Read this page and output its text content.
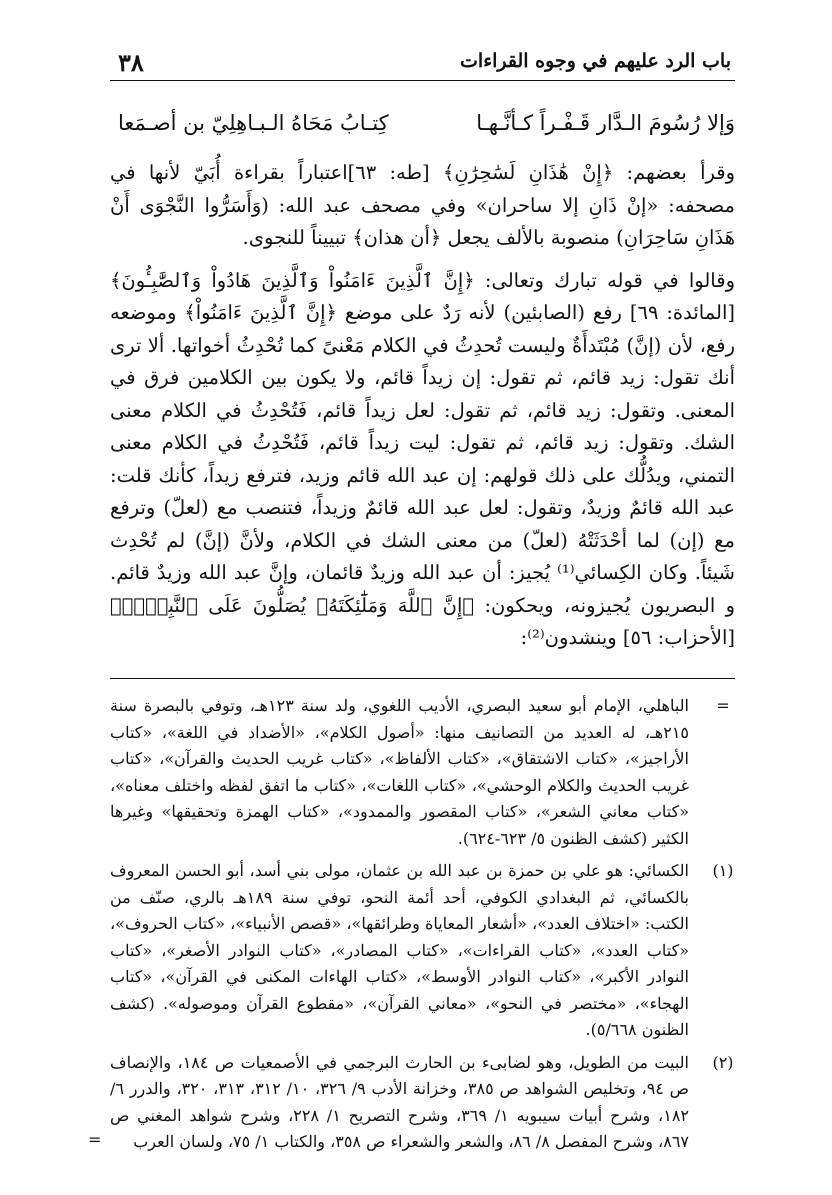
٣٨	باب الرد عليهم في وجوه القراءات
وَإلا رُسُومَ الـدَّار قَـفْـراً كـأنَّـهـا
كِتـابُ مَحَاهُ الـبـاهِلِيّ بن أصـمَعا

وقرأ بعضهم: ﴿إِنْ هَٰذَانِ لَسَٰحِرَٰنِ﴾ [طه: ٦٣]اعتباراً بقراءة أُبَيّ لأنها في مصحفه: «إنْ ذَانِ إلا ساحران» وفي مصحف عبد الله: (وَأَسَرُّوا النَّجْوَى أَنْ هَذَانِ سَاحِرَانِ) منصوبة بالألف يجعل ﴿أن هذان﴾ تبييناً للنجوى.

وقالوا في قوله تبارك وتعالى: ﴿إِنَّ ٱلَّذِينَ ءَامَنُواْ وَٱلَّذِينَ هَادُواْ وَٱلصَّٰبِـُٔونَ﴾ [المائدة: ٦٩] رفع (الصابئين) لأنه رَدٌ على موضع ﴿إِنَّ ٱلَّذِينَ ءَامَنُواْ﴾ وموضعه رفع، لأن (إنَّ) مُبْتَدأَةٌ وليست تُحدِثُ في الكلام مَعْنىً كما تُحْدِثُ أخواتها. ألا ترى أنك تقول: زيد قائم، ثم تقول: إن زيداً قائم، ولا يكون بين الكلامين فرق في المعنى. وتقول: زيد قائم، ثم تقول: لعل زيداً قائم، فَتُحْدِثُ في الكلام معنى الشك. وتقول: زيد قائم، ثم تقول: ليت زيداً قائم، فَتُحْدِثُ في الكلام معنى التمني، ويدُلُّك على ذلك قولهم: إن عبد الله قائم وزيد، فترفع زيداً، كأنك قلت: عبد الله قائمٌ وزيدٌ، وتقول: لعل عبد الله قائمٌ وزيداً، فتنصب مع (لعلّ) وترفع مع (إن) لما أحْدَثَتْهُ (لعلّ) من معنى الشك في الكلام، ولأنَّ (إنَّ) لم تُحْدِث شَيئاً. وكان الكِسائي⁽¹⁾ يُجيز: أن عبد الله وزيدٌ قائمان، وإنَّ عبد الله وزيدٌ قائم. و البصريون يُجيزونه، ويحكون: ﴿إِنَّ ٱللَّهَ وَمَلَٰٓئِكَتَهُۥ يُصَلُّونَ عَلَى ٱلنَّبِيِّۚ﴾ [الأحزاب: ٥٦] وينشدون⁽²⁾:

=
الباهلي، الإمام أبو سعيد البصري، الأديب اللغوي، ولد سنة ١٢٣هـ، وتوفي بالبصرة سنة ٢١٥هـ، له العديد من التصانيف منها: «أصول الكلام»، «الأضداد في اللغة»، «كتاب الأراجيز»، «كتاب الاشتقاق»، «كتاب الألفاظ»، «كتاب غريب الحديث والقرآن»، «كتاب غريب الحديث والكلام الوحشي»، «كتاب اللغات»، «كتاب ما اتفق لفظه واختلف معناه»، «كتاب معاني الشعر»، «كتاب المقصور والممدود»، «كتاب الهمزة وتحقيقها» وغيرها الكثير (كشف الظنون ٥/ ٦٢٣-٦٢٤).
(١)
الكسائي: هو علي بن حمزة بن عبد الله بن عثمان، مولى بني أسد، أبو الحسن المعروف بالكسائي، ثم البغدادي الكوفي، أحد أئمة النحو، توفي سنة ١٨٩هـ بالري، صنّف من الكتب: «اختلاف العدد»، «أشعار المعاياة وطرائقها»، «قصص الأنبياء»، «كتاب الحروف»، «كتاب العدد»، «كتاب القراءات»، «كتاب المصادر»، «كتاب النوادر الأصغر»، «كتاب النوادر الأكبر»، «كتاب النوادر الأوسط»، «كتاب الهاءات المكنى في القرآن»، «كتاب الهجاء»، «مختصر في النحو»، «معاني القرآن»، «مقطوع القرآن وموصوله». (كشف الظنون ٥/٦٦٨).
(٢)
البيت من الطويل، وهو لضابىء بن الحارث البرجمي في الأصمعيات ص ١٨٤، والإنصاف ص ٩٤، وتخليص الشواهد ص ٣٨٥، وخزانة الأدب ٩/ ٣٢٦، ١٠/ ٣١٢، ٣١٣، ٣٢٠، والدرر ٦/ ١٨٢، وشرح أبيات سيبويه ١/ ٣٦٩، وشرح التصريح ١/ ٢٢٨، وشرح شواهد المغني ص ٨٦٧، وشرح المفصل ٨/ ٨٦، والشعر والشعراء ص ٣٥٨، والكتاب ١/ ٧٥، ولسان العرب
=
